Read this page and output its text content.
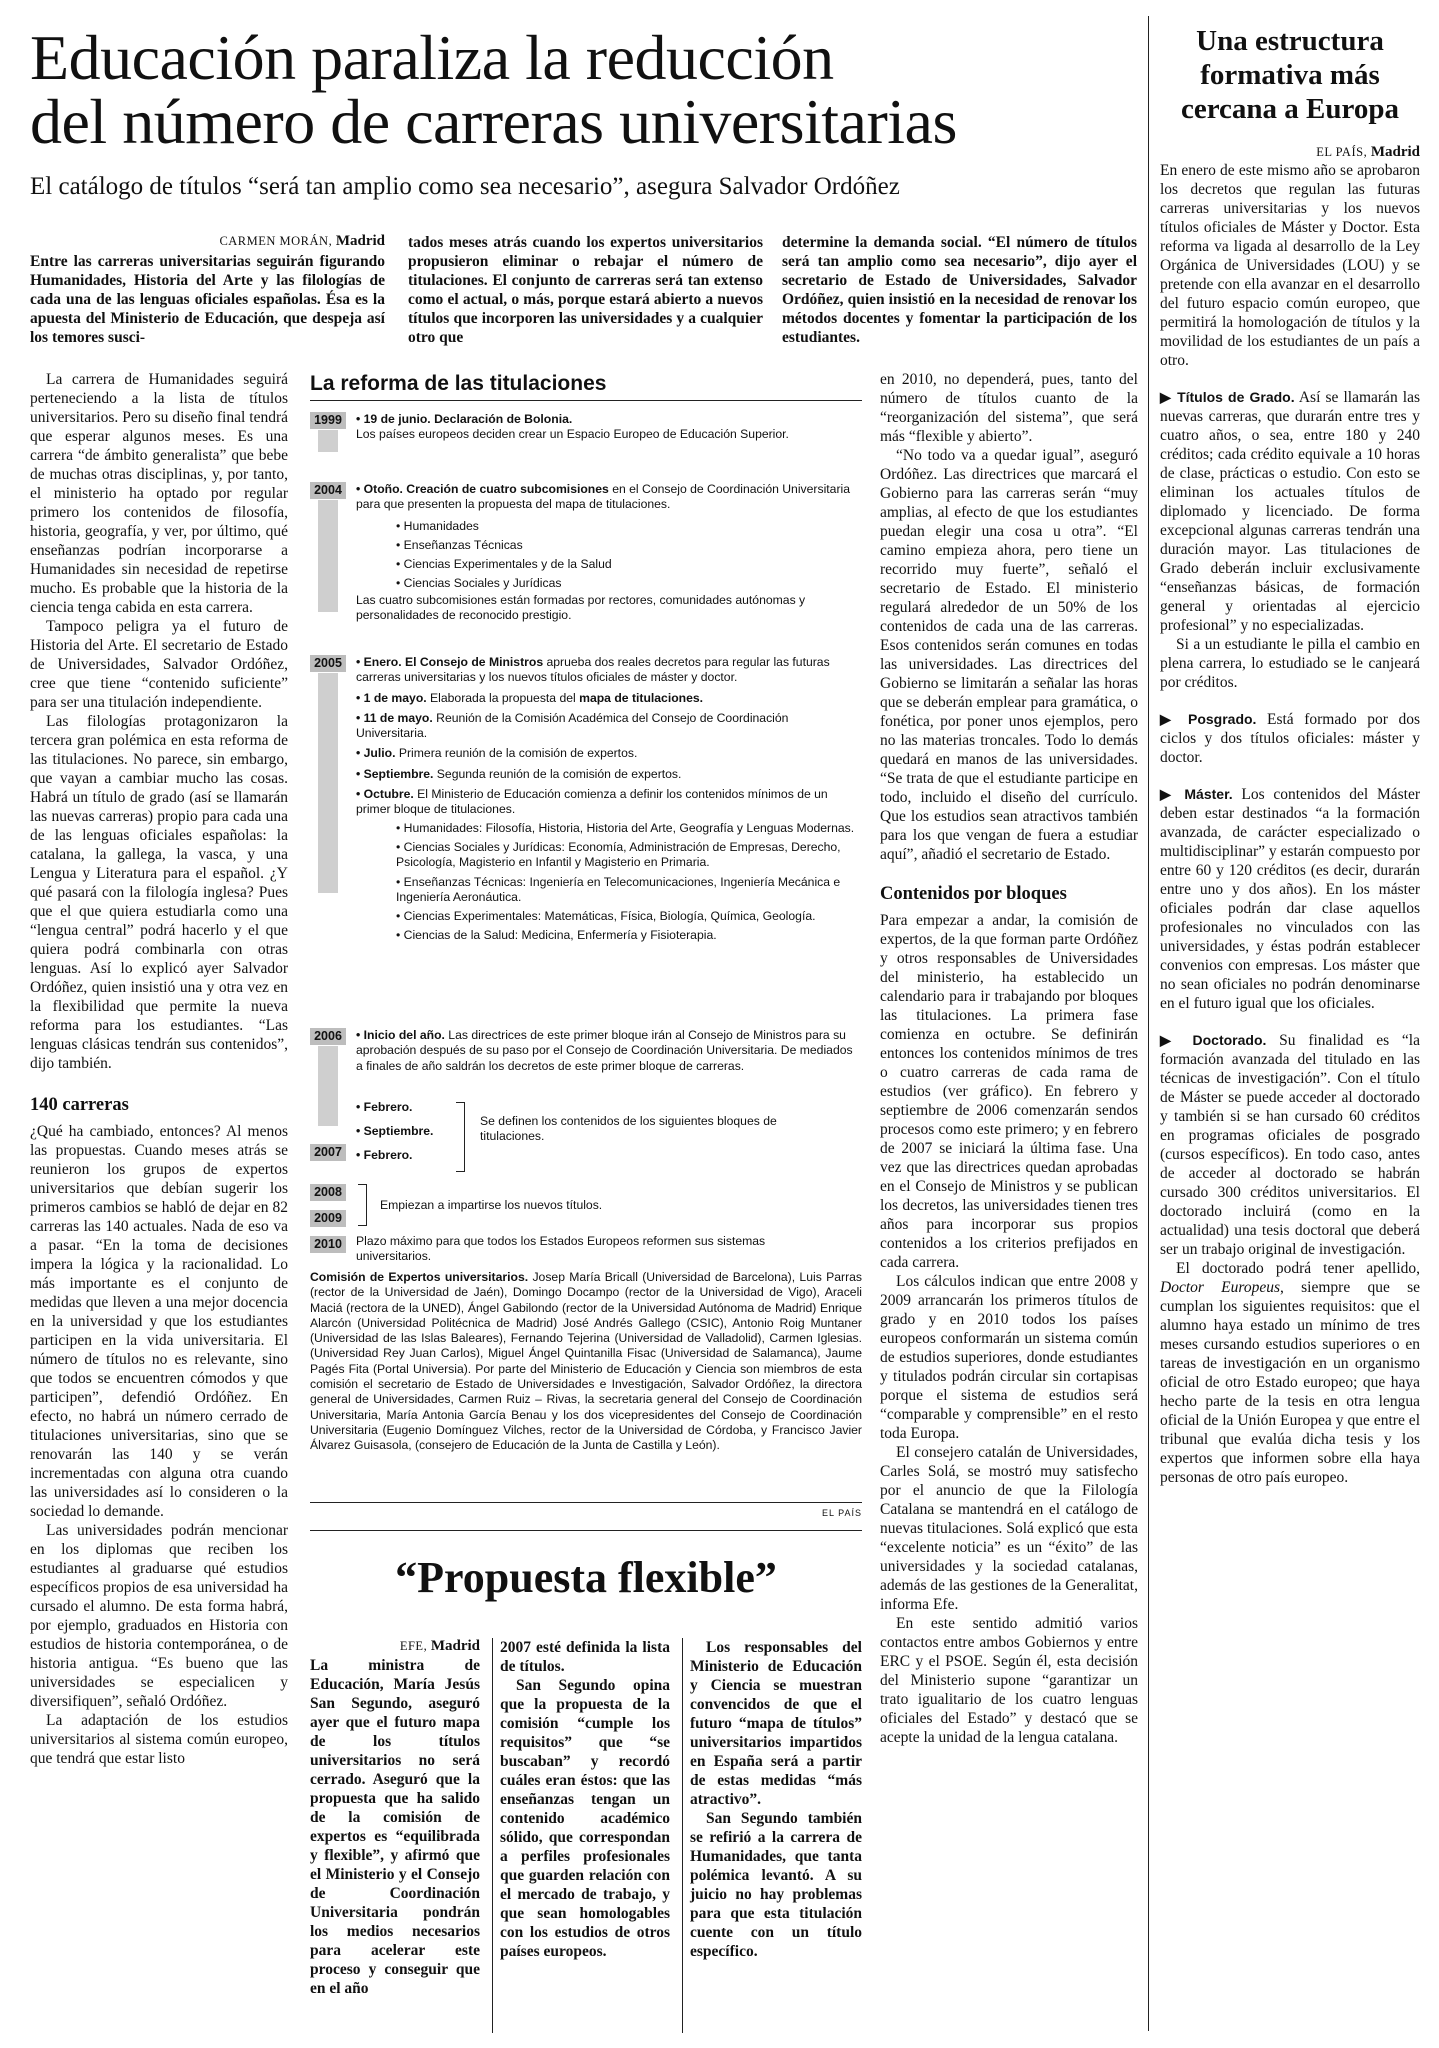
Educación paraliza la reducción
del número de carreras universitarias
El catálogo de títulos “será tan amplio como sea necesario”, asegura Salvador Ordóñez
CARMEN MORÁN, Madrid

Entre las carreras universitarias seguirán figurando Humanidades, Historia del Arte y las filologías de cada una de las lenguas oficiales españolas. Ésa es la apuesta del Ministerio de Educación, que despeja así los temores susci-

tados meses atrás cuando los expertos universitarios propusieron eliminar o rebajar el número de titulaciones. El conjunto de carreras será tan extenso como el actual, o más, porque estará abierto a nuevos títulos que incorporen las universidades y a cualquier otro que

determine la demanda social. “El número de títulos será tan amplio como sea necesario”, dijo ayer el secretario de Estado de Universidades, Salvador Ordóñez, quien insistió en la necesidad de renovar los métodos docentes y fomentar la participación de los estudiantes.

La carrera de Humanidades seguirá perteneciendo a la lista de títulos universitarios. Pero su diseño final tendrá que esperar algunos meses. Es una carrera “de ámbito generalista” que bebe de muchas otras disciplinas, y, por tanto, el ministerio ha optado por regular primero los contenidos de filosofía, historia, geografía, y ver, por último, qué enseñanzas podrían incorporarse a Humanidades sin necesidad de repetirse mucho. Es probable que la historia de la ciencia tenga cabida en esta carrera.

Tampoco peligra ya el futuro de Historia del Arte. El secretario de Estado de Universidades, Salvador Ordóñez, cree que tiene “contenido suficiente” para ser una titulación independiente.

Las filologías protagonizaron la tercera gran polémica en esta reforma de las titulaciones. No parece, sin embargo, que vayan a cambiar mucho las cosas. Habrá un título de grado (así se llamarán las nuevas carreras) propio para cada una de las lenguas oficiales españolas: la catalana, la gallega, la vasca, y una Lengua y Literatura para el español. ¿Y qué pasará con la filología inglesa? Pues que el que quiera estudiarla como una “lengua central” podrá hacerlo y el que quiera podrá combinarla con otras lenguas. Así lo explicó ayer Salvador Ordóñez, quien insistió una y otra vez en la flexibilidad que permite la nueva reforma para los estudiantes. “Las lenguas clásicas tendrán sus contenidos”, dijo también.

140 carreras

¿Qué ha cambiado, entonces? Al menos las propuestas. Cuando meses atrás se reunieron los grupos de expertos universitarios que debían sugerir los primeros cambios se habló de dejar en 82 carreras las 140 actuales. Nada de eso va a pasar. “En la toma de decisiones impera la lógica y la racionalidad. Lo más importante es el conjunto de medidas que lleven a una mejor docencia en la universidad y que los estudiantes participen en la vida universitaria. El número de títulos no es relevante, sino que todos se encuentren cómodos y que participen”, defendió Ordóñez. En efecto, no habrá un número cerrado de titulaciones universitarias, sino que se renovarán las 140 y se verán incrementadas con alguna otra cuando las universidades así lo consideren o la sociedad lo demande.

Las universidades podrán mencionar en los diplomas que reciben los estudiantes al graduarse qué estudios específicos propios de esa universidad ha cursado el alumno. De esta forma habrá, por ejemplo, graduados en Historia con estudios de historia contemporánea, o de historia antigua. “Es bueno que las universidades se especialicen y diversifiquen”, señaló Ordóñez.

La adaptación de los estudios universitarios al sistema común europeo, que tendrá que estar listo

La reforma de las titulaciones
1999	• 19 de junio. Declaración de Bolonia.

Los países europeos deciden crear un Espacio Europeo de Educación Superior.

2004	• Otoño. Creación de cuatro subcomisiones en el Consejo de Coordinación Universitaria para que presenten la propuesta del mapa de titulaciones.

• Humanidades
• Enseñanzas Técnicas
• Ciencias Experimentales y de la Salud
• Ciencias Sociales y Jurídicas

Las cuatro subcomisiones están formadas por rectores, comunidades autónomas y personalidades de reconocido prestigio.

2005	• Enero. El Consejo de Ministros aprueba dos reales decretos para regular las futuras carreras universitarias y los nuevos títulos oficiales de máster y doctor.

• 1 de mayo. Elaborada la propuesta del mapa de titulaciones.

• 11 de mayo. Reunión de la Comisión Académica del Consejo de Coordinación Universitaria.

• Julio. Primera reunión de la comisión de expertos.

• Septiembre. Segunda reunión de la comisión de expertos.

• Octubre. El Ministerio de Educación comienza a definir los contenidos mínimos de un primer bloque de titulaciones.

• Humanidades: Filosofía, Historia, Historia del Arte, Geografía y Lenguas Modernas.
• Ciencias Sociales y Jurídicas: Economía, Administración de Empresas, Derecho, Psicología, Magisterio en Infantil y Magisterio en Primaria.
• Enseñanzas Técnicas: Ingeniería en Telecomunicaciones, Ingeniería Mecánica e Ingeniería Aeronáutica.
• Ciencias Experimentales: Matemáticas, Física, Biología, Química, Geología.
• Ciencias de la Salud: Medicina, Enfermería y Fisioterapia.
2006	• Inicio del año. Las directrices de este primer bloque irán al Consejo de Ministros para su aprobación después de su paso por el Consejo de Coordinación Universitaria. De mediados a finales de año saldrán los decretos de este primer bloque de carreras.

• Febrero.
• Septiembre.
Se definen los contenidos de los siguientes bloques de titulaciones.
2007	• Febrero.
2008
2009
Empiezan a impartirse los nuevos títulos.
2010	Plazo máximo para que todos los Estados Europeos reformen sus sistemas universitarios.
Comisión de Expertos universitarios. Josep María Bricall (Universidad de Barcelona), Luis Parras (rector de la Universidad de Jaén), Domingo Docampo (rector de la Universidad de Vigo), Araceli Maciá (rectora de la UNED), Ángel Gabilondo (rector de la Universidad Autónoma de Madrid) Enrique Alarcón (Universidad Politécnica de Madrid) José Andrés Gallego (CSIC), Antonio Roig Muntaner (Universidad de las Islas Baleares), Fernando Tejerina (Universidad de Valladolid), Carmen Iglesias. (Universidad Rey Juan Carlos), Miguel Ángel Quintanilla Fisac (Universidad de Salamanca), Jaume Pagés Fita (Portal Universia). Por parte del Ministerio de Educación y Ciencia son miembros de esta comisión el secretario de Estado de Universidades e Investigación, Salvador Ordóñez, la directora general de Universidades, Carmen Ruiz – Rivas, la secretaria general del Consejo de Coordinación Universitaria, María Antonia García Benau y los dos vicepresidentes del Consejo de Coordinación Universitaria (Eugenio Domínguez Vilches, rector de la Universidad de Córdoba, y Francisco Javier Álvarez Guisasola, (consejero de Educación de la Junta de Castilla y León).
EL PAÍS

en 2010, no dependerá, pues, tanto del número de títulos cuanto de la “reorganización del sistema”, que será más “flexible y abierto”.

“No todo va a quedar igual”, aseguró Ordóñez. Las directrices que marcará el Gobierno para las carreras serán “muy amplias, al efecto de que los estudiantes puedan elegir una cosa u otra”. “El camino empieza ahora, pero tiene un recorrido muy fuerte”, señaló el secretario de Estado. El ministerio regulará alrededor de un 50% de los contenidos de cada una de las carreras. Esos contenidos serán comunes en todas las universidades. Las directrices del Gobierno se limitarán a señalar las horas que se deberán emplear para gramática, o fonética, por poner unos ejemplos, pero no las materias troncales. Todo lo demás quedará en manos de las universidades. “Se trata de que el estudiante participe en todo, incluido el diseño del currículo. Que los estudios sean atractivos también para los que vengan de fuera a estudiar aquí”, añadió el secretario de Estado.

Contenidos por bloques

Para empezar a andar, la comisión de expertos, de la que forman parte Ordóñez y otros responsables de Universidades del ministerio, ha establecido un calendario para ir trabajando por bloques las titulaciones. La primera fase comienza en octubre. Se definirán entonces los contenidos mínimos de tres o cuatro carreras de cada rama de estudios (ver gráfico). En febrero y septiembre de 2006 comenzarán sendos procesos como este primero; y en febrero de 2007 se iniciará la última fase. Una vez que las directrices quedan aprobadas en el Consejo de Ministros y se publican los decretos, las universidades tienen tres años para incorporar sus propios contenidos a los criterios prefijados en cada carrera.

Los cálculos indican que entre 2008 y 2009 arrancarán los primeros títulos de grado y en 2010 todos los países europeos conformarán un sistema común de estudios superiores, donde estudiantes y titulados podrán circular sin cortapisas porque el sistema de estudios será “comparable y comprensible” en el resto toda Europa.

El consejero catalán de Universidades, Carles Solá, se mostró muy satisfecho por el anuncio de que la Filología Catalana se mantendrá en el catálogo de nuevas titulaciones. Solá explicó que esta “excelente noticia” es un “éxito” de las universidades y la sociedad catalanas, además de las gestiones de la Generalitat, informa Efe.

En este sentido admitió varios contactos entre ambos Gobiernos y entre ERC y el PSOE. Según él, esta decisión del Ministerio supone “garantizar un trato igualitario de los cuatro lenguas oficiales del Estado” y destacó que se acepte la unidad de la lengua catalana.

“Propuesta flexible”
EFE, Madrid

La ministra de Educación, María Jesús San Segundo, aseguró ayer que el futuro mapa de los títulos universitarios no será cerrado. Aseguró que la propuesta que ha salido de la comisión de expertos es “equilibrada y flexible”, y afirmó que el Ministerio y el Consejo de Coordinación Universitaria pondrán los medios necesarios para acelerar este proceso y conseguir que en el año

2007 esté definida la lista de títulos.

San Segundo opina que la propuesta de la comisión “cumple los requisitos” que “se buscaban” y recordó cuáles eran éstos: que las enseñanzas tengan un contenido académico sólido, que correspondan a perfiles profesionales que guarden relación con el mercado de trabajo, y que sean homologables con los estudios de otros países europeos.

Los responsables del Ministerio de Educación y Ciencia se muestran convencidos de que el futuro “mapa de títulos” universitarios impartidos en España será a partir de estas medidas “más atractivo”.

San Segundo también se refirió a la carrera de Humanidades, que tanta polémica levantó. A su juicio no hay problemas para que esta titulación cuente con un título específico.

Una estructura formativa más cercana a Europa
EL PAÍS, Madrid

En enero de este mismo año se aprobaron los decretos que regulan las futuras carreras universitarias y los nuevos títulos oficiales de Máster y Doctor. Esta reforma va ligada al desarrollo de la Ley Orgánica de Universidades (LOU) y se pretende con ella avanzar en el desarrollo del futuro espacio común europeo, que permitirá la homologación de títulos y la movilidad de los estudiantes de un país a otro.

▶ Títulos de Grado. Así se llamarán las nuevas carreras, que durarán entre tres y cuatro años, o sea, entre 180 y 240 créditos; cada crédito equivale a 10 horas de clase, prácticas o estudio. Con esto se eliminan los actuales títulos de diplomado y licenciado. De forma excepcional algunas carreras tendrán una duración mayor. Las titulaciones de Grado deberán incluir exclusivamente “enseñanzas básicas, de formación general y orientadas al ejercicio profesional” y no especializadas.

Si a un estudiante le pilla el cambio en plena carrera, lo estudiado se le canjeará por créditos.

▶ Posgrado. Está formado por dos ciclos y dos títulos oficiales: máster y doctor.

▶ Máster. Los contenidos del Máster deben estar destinados “a la formación avanzada, de carácter especializado o multidisciplinar” y estarán compuesto por entre 60 y 120 créditos (es decir, durarán entre uno y dos años). En los máster oficiales podrán dar clase aquellos profesionales no vinculados con las universidades, y éstas podrán establecer convenios con empresas. Los máster que no sean oficiales no podrán denominarse en el futuro igual que los oficiales.

▶ Doctorado. Su finalidad es “la formación avanzada del titulado en las técnicas de investigación”. Con el título de Máster se puede acceder al doctorado y también si se han cursado 60 créditos en programas oficiales de posgrado (cursos específicos). En todo caso, antes de acceder al doctorado se habrán cursado 300 créditos universitarios. El doctorado incluirá (como en la actualidad) una tesis doctoral que deberá ser un trabajo original de investigación.

El doctorado podrá tener apellido, Doctor Europeus, siempre que se cumplan los siguientes requisitos: que el alumno haya estado un mínimo de tres meses cursando estudios superiores o en tareas de investigación en un organismo oficial de otro Estado europeo; que haya hecho parte de la tesis en otra lengua oficial de la Unión Europea y que entre el tribunal que evalúa dicha tesis y los expertos que informen sobre ella haya personas de otro país europeo.
